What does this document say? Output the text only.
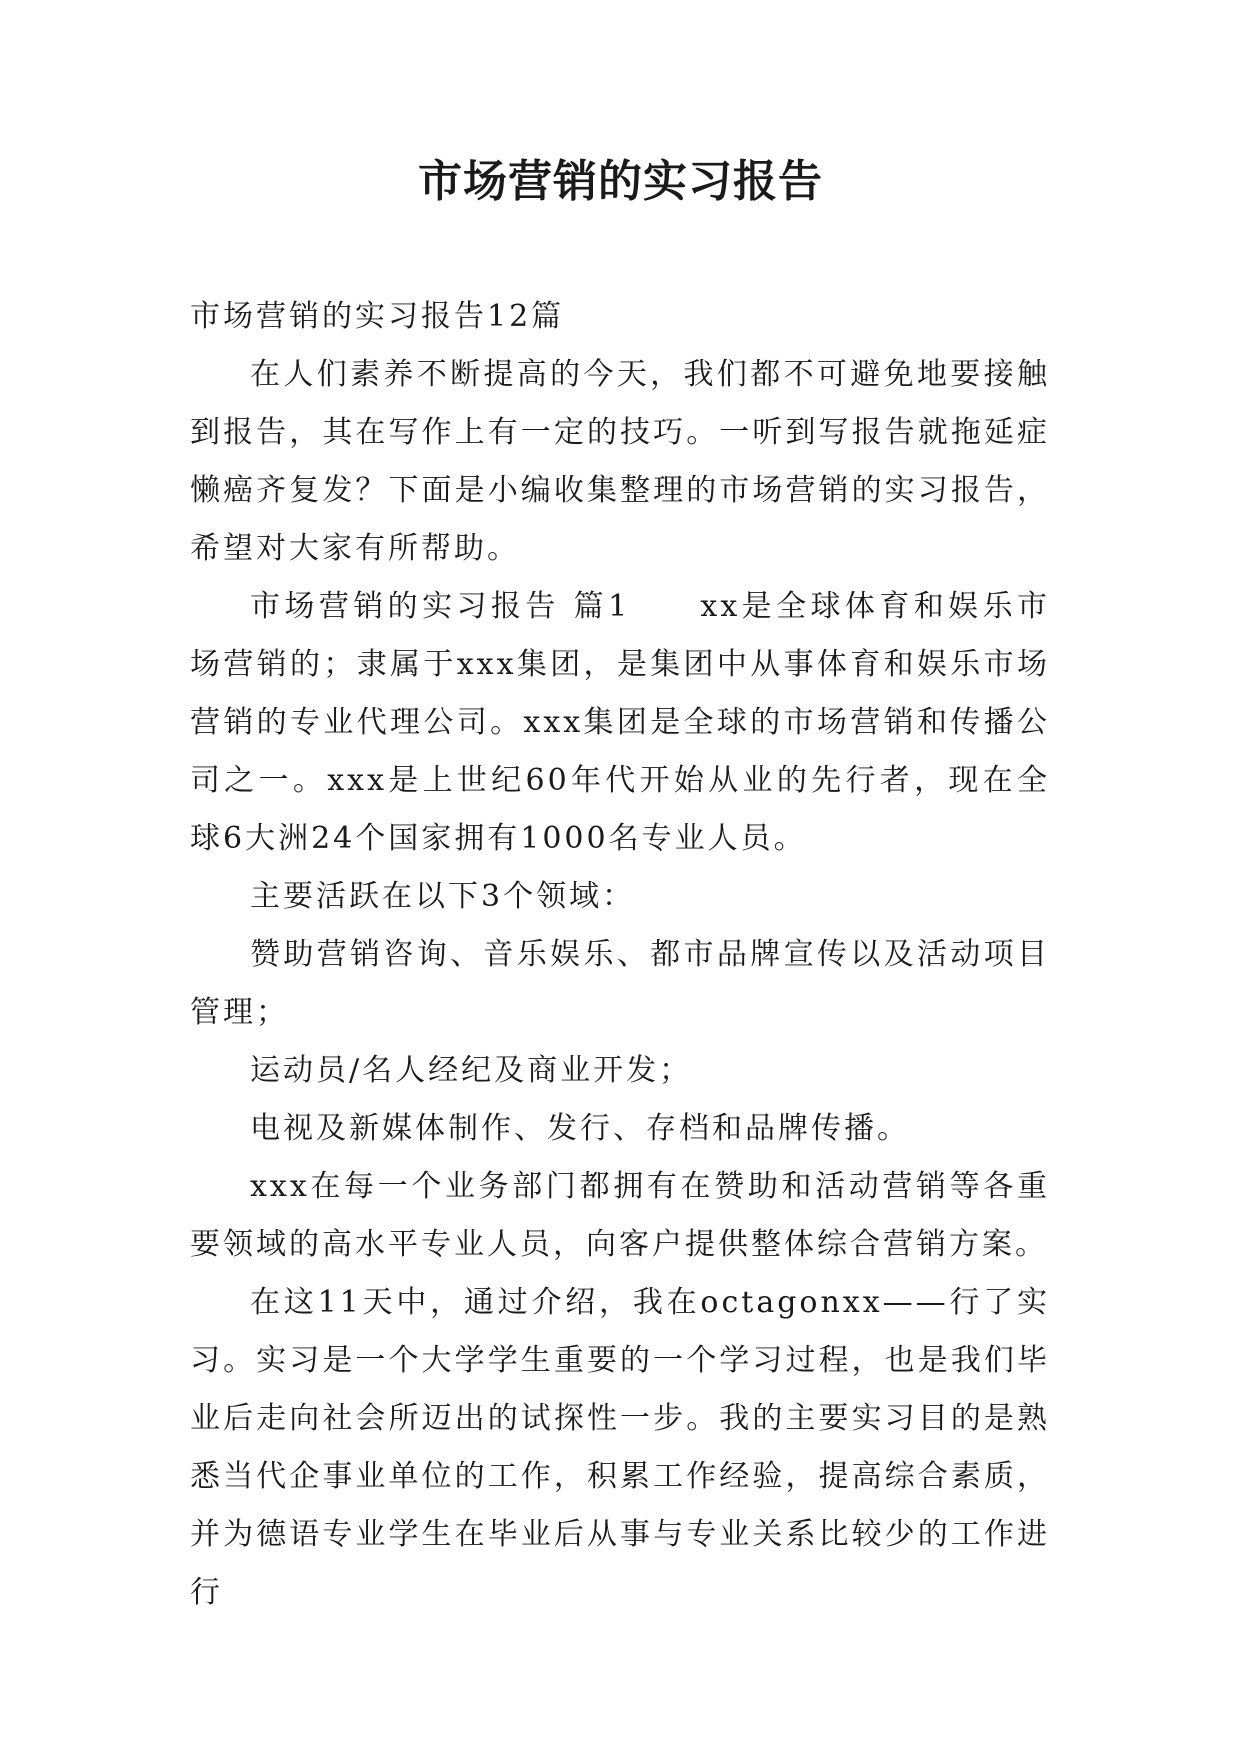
市场营销的实习报告

市场营销的实习报告12篇

在人们素养不断提高的今天，我们都不可避免地要接触到报告，其在写作上有一定的技巧。一听到写报告就拖延症懒癌齐复发？下面是小编收集整理的市场营销的实习报告，希望对大家有所帮助。

市场营销的实习报告 篇1　　xx是全球体育和娱乐市场营销的；隶属于xxx集团，是集团中从事体育和娱乐市场营销的专业代理公司。xxx集团是全球的市场营销和传播公司之一。xxx是上世纪60年代开始从业的先行者，现在全球6大洲24个国家拥有1000名专业人员。

主要活跃在以下3个领域：

赞助营销咨询、音乐娱乐、都市品牌宣传以及活动项目管理；

运动员/名人经纪及商业开发；

电视及新媒体制作、发行、存档和品牌传播。

xxx在每一个业务部门都拥有在赞助和活动营销等各重要领域的高水平专业人员，向客户提供整体综合营销方案。

在这11天中，通过介绍，我在octagonxx——行了实习。实习是一个大学学生重要的一个学习过程，也是我们毕业后走向社会所迈出的试探性一步。我的主要实习目的是熟悉当代企事业单位的工作，积累工作经验，提高综合素质，并为德语专业学生在毕业后从事与专业关系比较少的工作进行
